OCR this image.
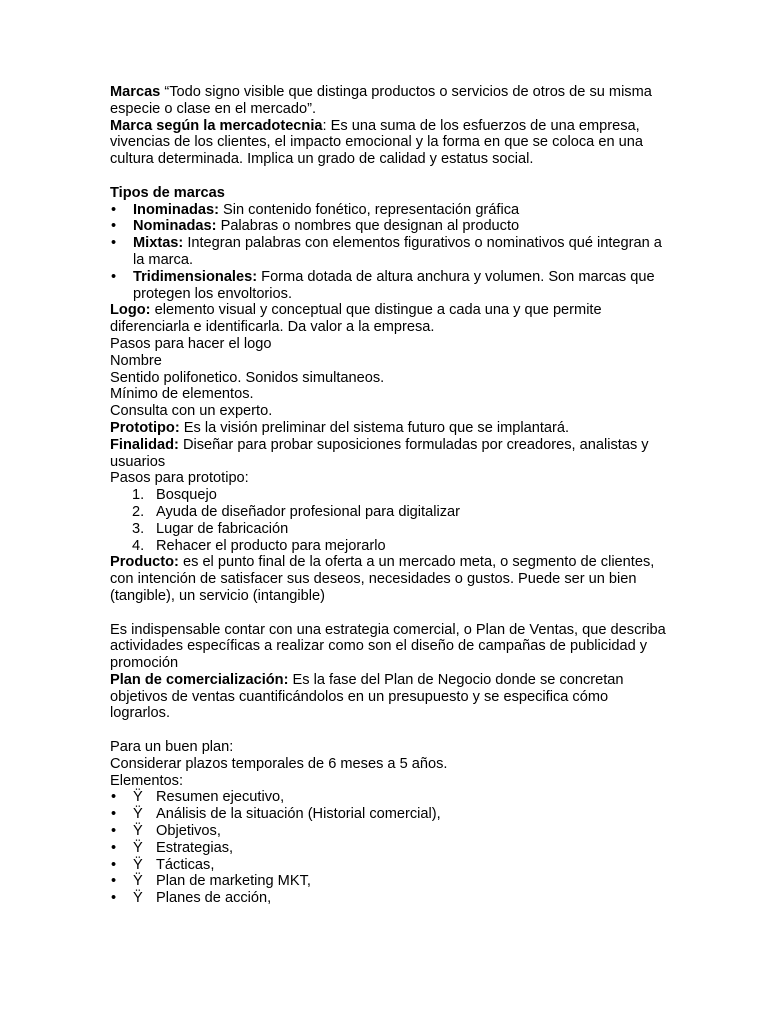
Marcas “Todo signo visible que distinga productos o servicios de otros de su misma especie o clase en el mercado”.

Marca según la mercadotecnia: Es una suma de los esfuerzos de una empresa, vivencias de los clientes, el impacto emocional y la forma en que se coloca en una cultura determinada. Implica un grado de calidad y estatus social.

Tipos de marcas

• Inominadas: Sin contenido fonético, representación gráfica
• Nominadas: Palabras o nombres que designan al producto
• Mixtas: Integran palabras con elementos figurativos o nominativos qué integran a la marca.
• Tridimensionales: Forma dotada de altura anchura y volumen. Son marcas que protegen los envoltorios.

Logo: elemento visual y conceptual que distingue a cada una y que permite diferenciarla e identificarla. Da valor a la empresa.

Pasos para hacer el logo

Nombre

Sentido polifonetico. Sonidos simultaneos.

Mínimo de elementos.

Consulta con un experto.

Prototipo: Es la visión preliminar del sistema futuro que se implantará.

Finalidad: Diseñar para probar suposiciones formuladas por creadores, analistas y usuarios

Pasos para prototipo:

1. Bosquejo
2. Ayuda de diseñador profesional para digitalizar
3. Lugar de fabricación
4. Rehacer el producto para mejorarlo

Producto: es el punto final de la oferta a un mercado meta, o segmento de clientes, con intención de satisfacer sus deseos, necesidades o gustos. Puede ser un bien (tangible), un servicio (intangible)

Es indispensable contar con una estrategia comercial, o Plan de Ventas, que describa actividades específicas a realizar como son el diseño de campañas de publicidad y promoción

Plan de comercialización: Es la fase del Plan de Negocio donde se concretan objetivos de ventas cuantificándolos en un presupuesto y se especifica cómo lograrlos.

Para un buen plan:

Considerar plazos temporales de 6 meses a 5 años.

Elementos:

• Ÿ Resumen ejecutivo,
• Ÿ Análisis de la situación (Historial comercial),
• Ÿ Objetivos,
• Ÿ Estrategias,
• Ÿ Tácticas,
• Ÿ Plan de marketing MKT,
• Ÿ Planes de acción,
